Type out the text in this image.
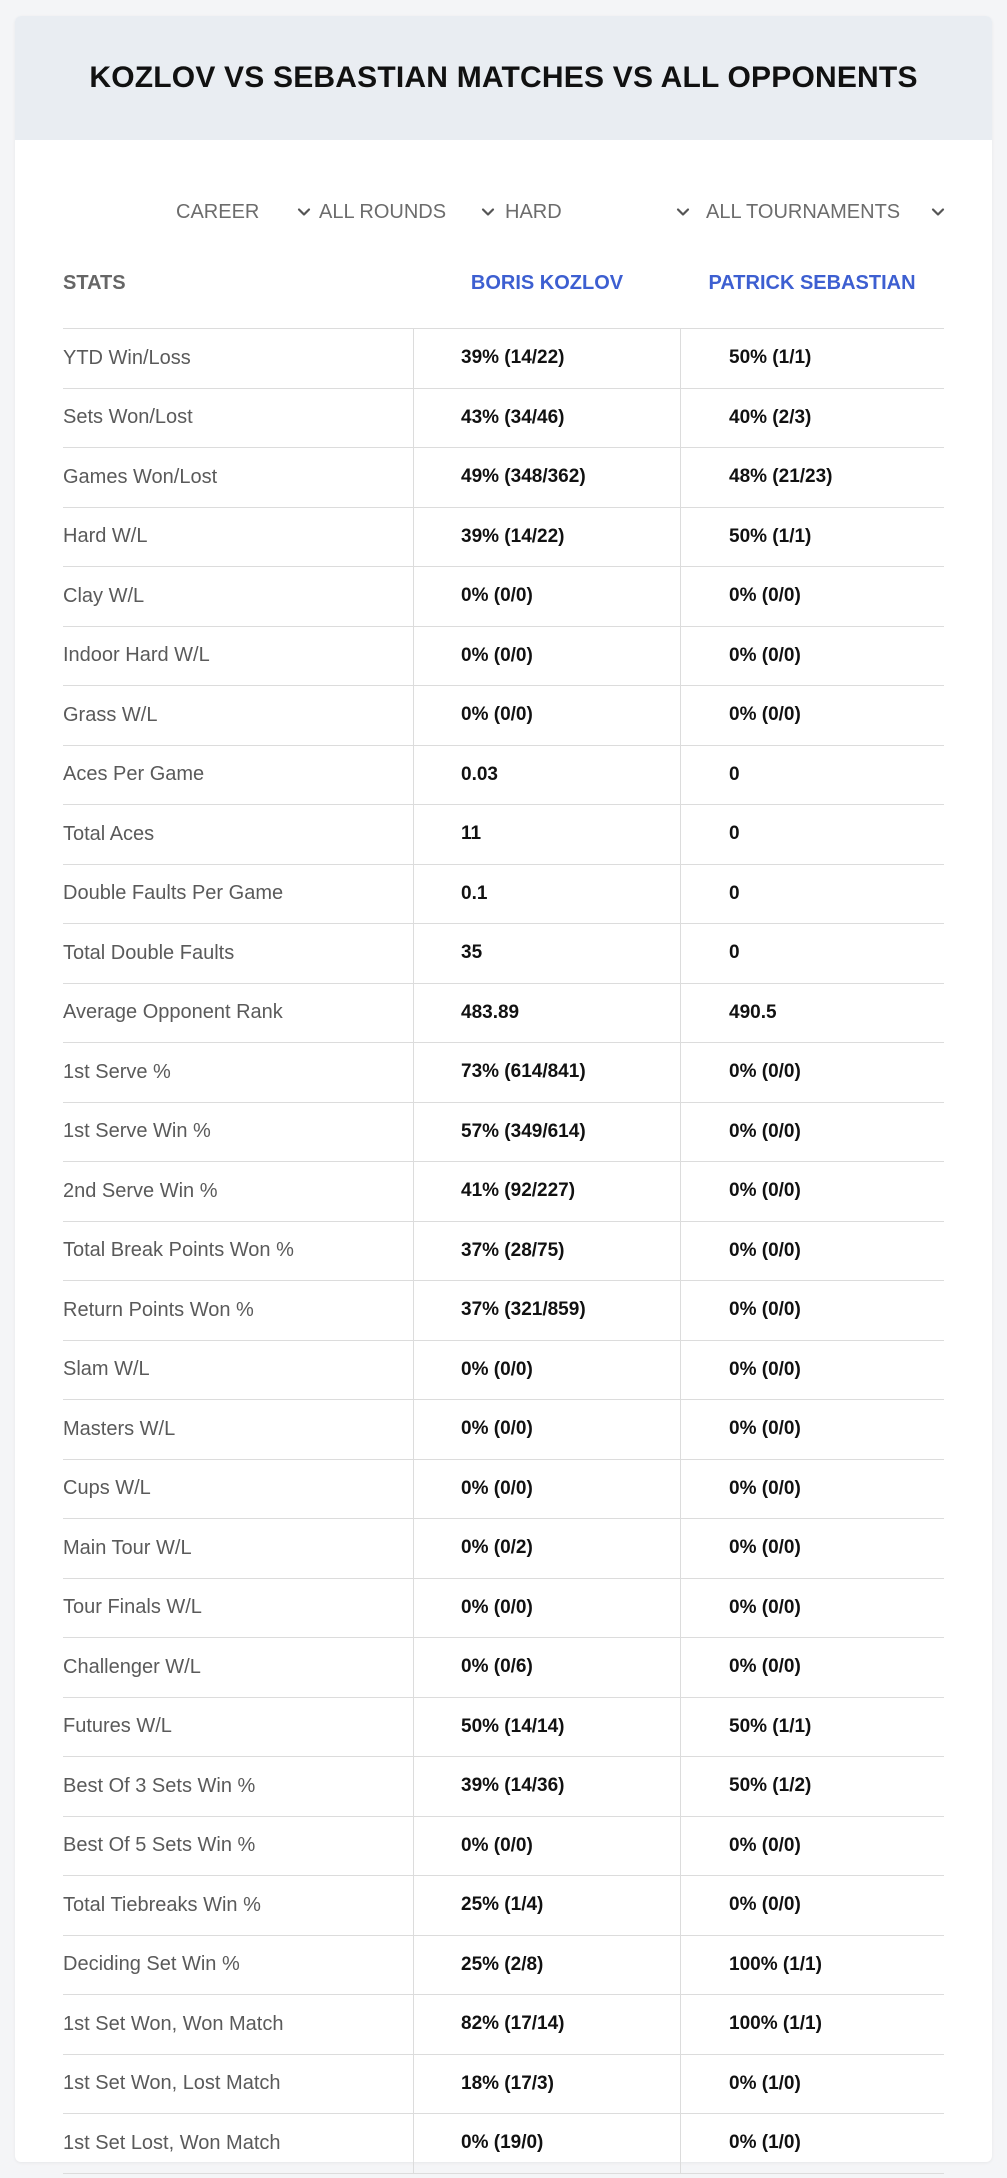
KOZLOV VS SEBASTIAN MATCHES VS ALL OPPONENTS
CAREER	ALL ROUNDS	HARD	ALL TOURNAMENTS
STATS	BORIS KOZLOV	PATRICK SEBASTIAN
YTD Win/Loss	39% (14/22)	50% (1/1)
Sets Won/Lost	43% (34/46)	40% (2/3)
Games Won/Lost	49% (348/362)	48% (21/23)
Hard W/L	39% (14/22)	50% (1/1)
Clay W/L	0% (0/0)	0% (0/0)
Indoor Hard W/L	0% (0/0)	0% (0/0)
Grass W/L	0% (0/0)	0% (0/0)
Aces Per Game	0.03	0
Total Aces	11	0
Double Faults Per Game	0.1	0
Total Double Faults	35	0
Average Opponent Rank	483.89	490.5
1st Serve %	73% (614/841)	0% (0/0)
1st Serve Win %	57% (349/614)	0% (0/0)
2nd Serve Win %	41% (92/227)	0% (0/0)
Total Break Points Won %	37% (28/75)	0% (0/0)
Return Points Won %	37% (321/859)	0% (0/0)
Slam W/L	0% (0/0)	0% (0/0)
Masters W/L	0% (0/0)	0% (0/0)
Cups W/L	0% (0/0)	0% (0/0)
Main Tour W/L	0% (0/2)	0% (0/0)
Tour Finals W/L	0% (0/0)	0% (0/0)
Challenger W/L	0% (0/6)	0% (0/0)
Futures W/L	50% (14/14)	50% (1/1)
Best Of 3 Sets Win %	39% (14/36)	50% (1/2)
Best Of 5 Sets Win %	0% (0/0)	0% (0/0)
Total Tiebreaks Win %	25% (1/4)	0% (0/0)
Deciding Set Win %	25% (2/8)	100% (1/1)
1st Set Won, Won Match	82% (17/14)	100% (1/1)
1st Set Won, Lost Match	18% (17/3)	0% (1/0)
1st Set Lost, Won Match	0% (19/0)	0% (1/0)
